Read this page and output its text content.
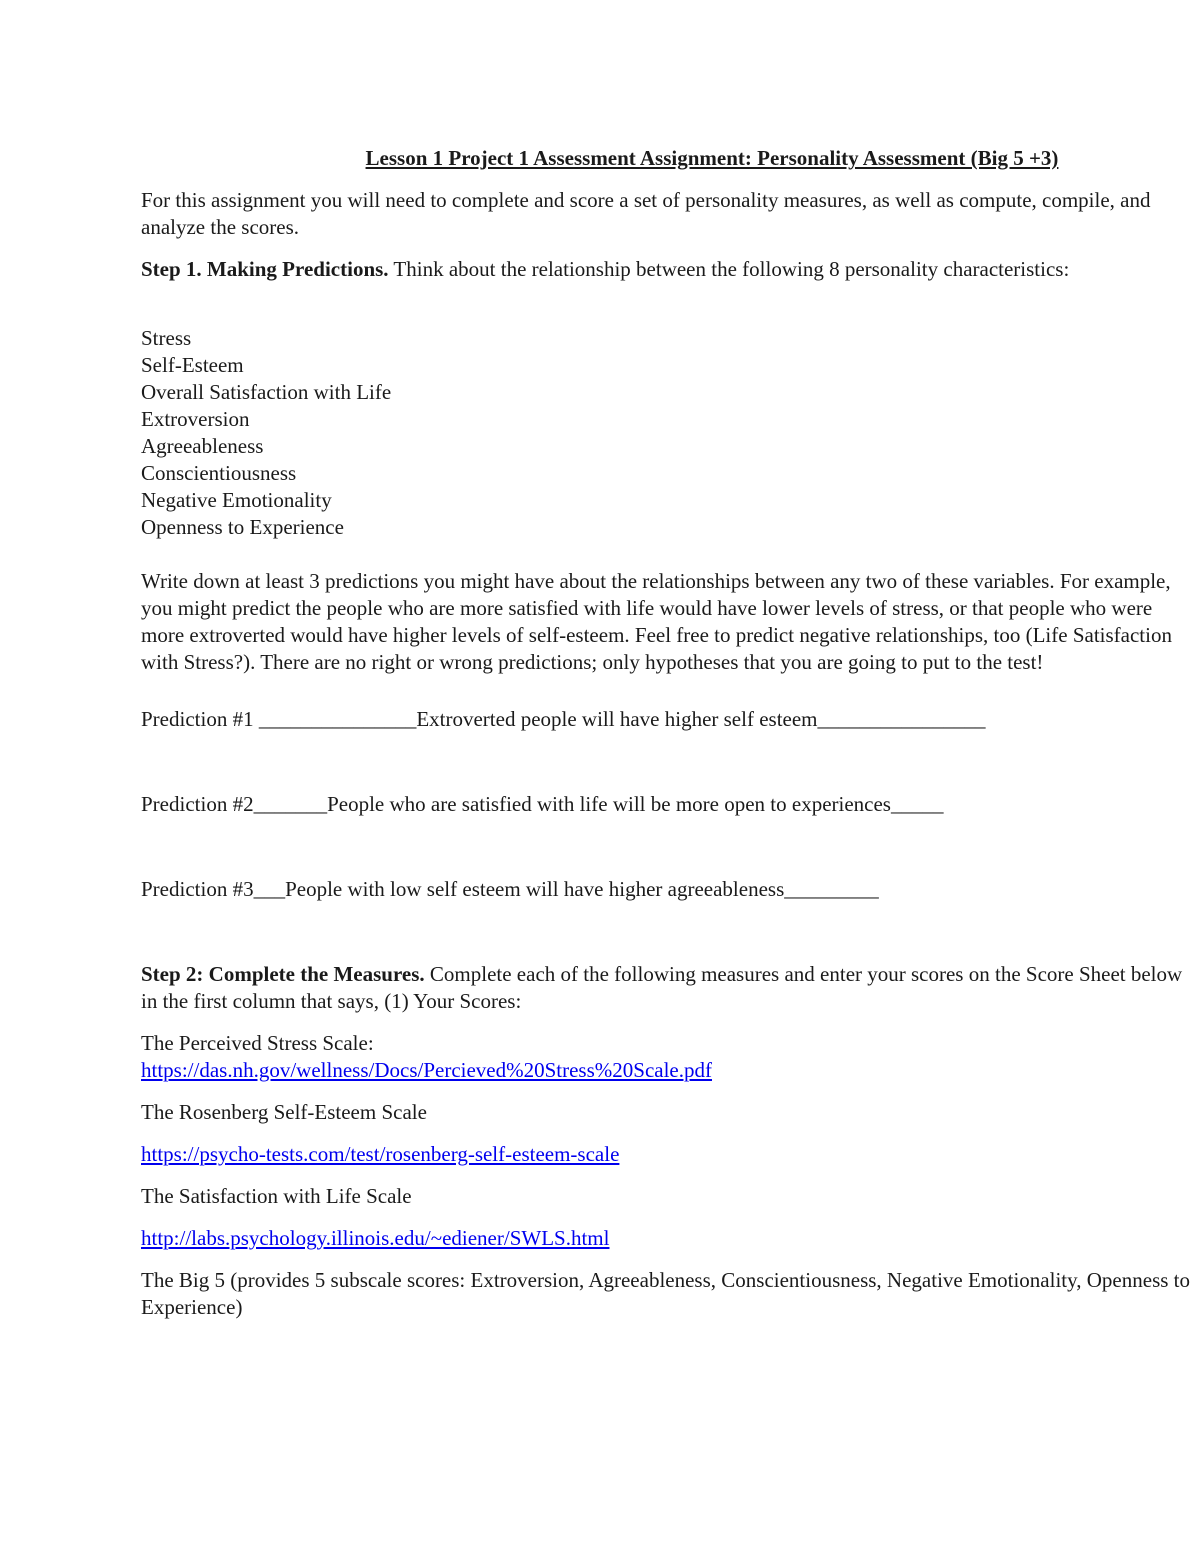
Lesson 1 Project 1 Assessment Assignment: Personality Assessment (Big 5 +3)

For this assignment you will need to complete and score a set of personality measures, as well as compute, compile, and analyze the scores.

Step 1. Making Predictions. Think about the relationship between the following 8 personality characteristics:

Stress
Self-Esteem
Overall Satisfaction with Life
Extroversion
Agreeableness
Conscientiousness
Negative Emotionality
Openness to Experience

Write down at least 3 predictions you might have about the relationships between any two of these variables. For example, you might predict the people who are more satisfied with life would have lower levels of stress, or that people who were more extroverted would have higher levels of self-esteem. Feel free to predict negative relationships, too (Life Satisfaction with Stress?). There are no right or wrong predictions; only hypotheses that you are going to put to the test!

Prediction #1 _______________Extroverted people will have higher self esteem________________

Prediction #2_______People who are satisfied with life will be more open to experiences_____

Prediction #3___People with low self esteem will have higher agreeableness_________

Step 2: Complete the Measures. Complete each of the following measures and enter your scores on the Score Sheet below in the first column that says, (1) Your Scores:

The Perceived Stress Scale:

https://das.nh.gov/wellness/Docs/Percieved%20Stress%20Scale.pdf

The Rosenberg Self-Esteem Scale

https://psycho-tests.com/test/rosenberg-self-esteem-scale

The Satisfaction with Life Scale

http://labs.psychology.illinois.edu/~ediener/SWLS.html

The Big 5 (provides 5 subscale scores: Extroversion, Agreeableness, Conscientiousness, Negative Emotionality, Openness to Experience)
